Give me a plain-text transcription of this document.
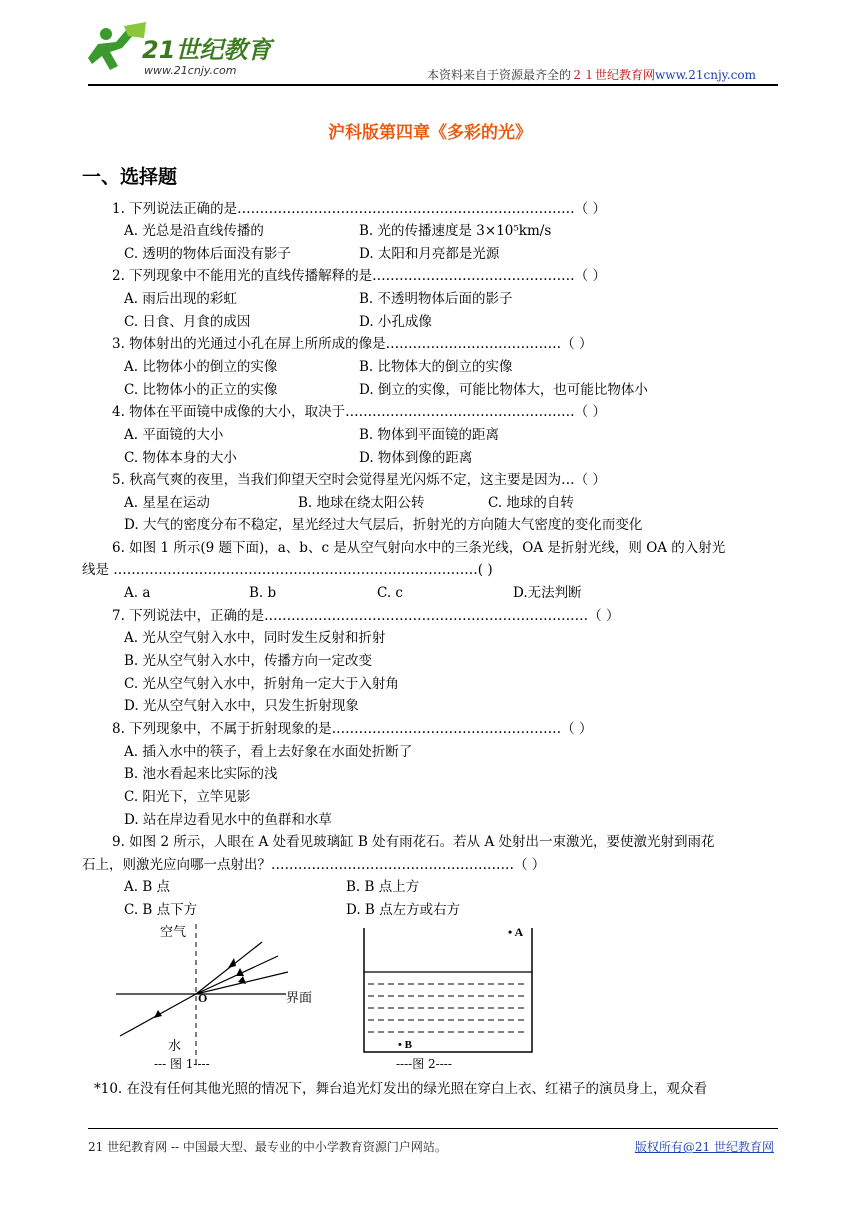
21世纪教育
www.21cnjy.com	本资料来自于资源最齐全的２１世纪教育网www.21cnjy.com
沪科版第四章《多彩的光》
一、选择题
1. 下列说法正确的是…………………………………………………………………（ ）
A. 光总是沿直线传播的	B. 光的传播速度是 3×10⁵km/s
C. 透明的物体后面没有影子	D. 太阳和月亮都是光源
2. 下列现象中不能用光的直线传播解释的是………………………………………（ ）
A. 雨后出现的彩虹	B. 不透明物体后面的影子
C. 日食、月食的成因	D. 小孔成像
3. 物体射出的光通过小孔在屏上所所成的像是…………………………………（ ）
A. 比物体小的倒立的实像	B. 比物体大的倒立的实像
C. 比物体小的正立的实像	D. 倒立的实像，可能比物体大，也可能比物体小
4. 物体在平面镜中成像的大小，取决于……………………………………………（ ）
A. 平面镜的大小	B. 物体到平面镜的距离
C. 物体本身的大小	D. 物体到像的距离
5. 秋高气爽的夜里，当我们仰望天空时会觉得星光闪烁不定，这主要是因为…（ ）
A. 星星在运动	B. 地球在绕太阳公转	C. 地球的自转
D. 大气的密度分布不稳定，星光经过大气层后，折射光的方向随大气密度的变化而变化
6. 如图 1 所示(9 题下面)，a、b、c 是从空气射向水中的三条光线，OA 是折射光线，则 OA 的入射光
线是 ………………………………………………………………………( )
A. a	B. b	C. c	D.无法判断
7. 下列说法中，正确的是………………………………………………………………（ ）
A. 光从空气射入水中，同时发生反射和折射
B. 光从空气射入水中，传播方向一定改变
C. 光从空气射入水中，折射角一定大于入射角
D. 光从空气射入水中，只发生折射现象
8. 下列现象中，不属于折射现象的是……………………………………………（ ）
A. 插入水中的筷子，看上去好象在水面处折断了
B. 池水看起来比实际的浅
C. 阳光下，立竿见影
D. 站在岸边看见水中的鱼群和水草
9. 如图 2 所示，人眼在 A 处看见玻璃缸 B 处有雨花石。若从 A 处射出一束激光，要使激光射到雨花
石上，则激光应向哪一点射出？………………………………………………（ ）
A. B 点	B. B 点上方
C. B 点下方	D. B 点左方或右方
*10. 在没有任何其他光照的情况下，舞台追光灯发出的绿光照在穿白上衣、红裙子的演员身上，观众看
空气
水
界面
O
--- 图 1----
• A
• B
----图 2----
21 世纪教育网 -- 中国最大型、最专业的中小学教育资源门户网站。	版权所有@21 世纪教育网
